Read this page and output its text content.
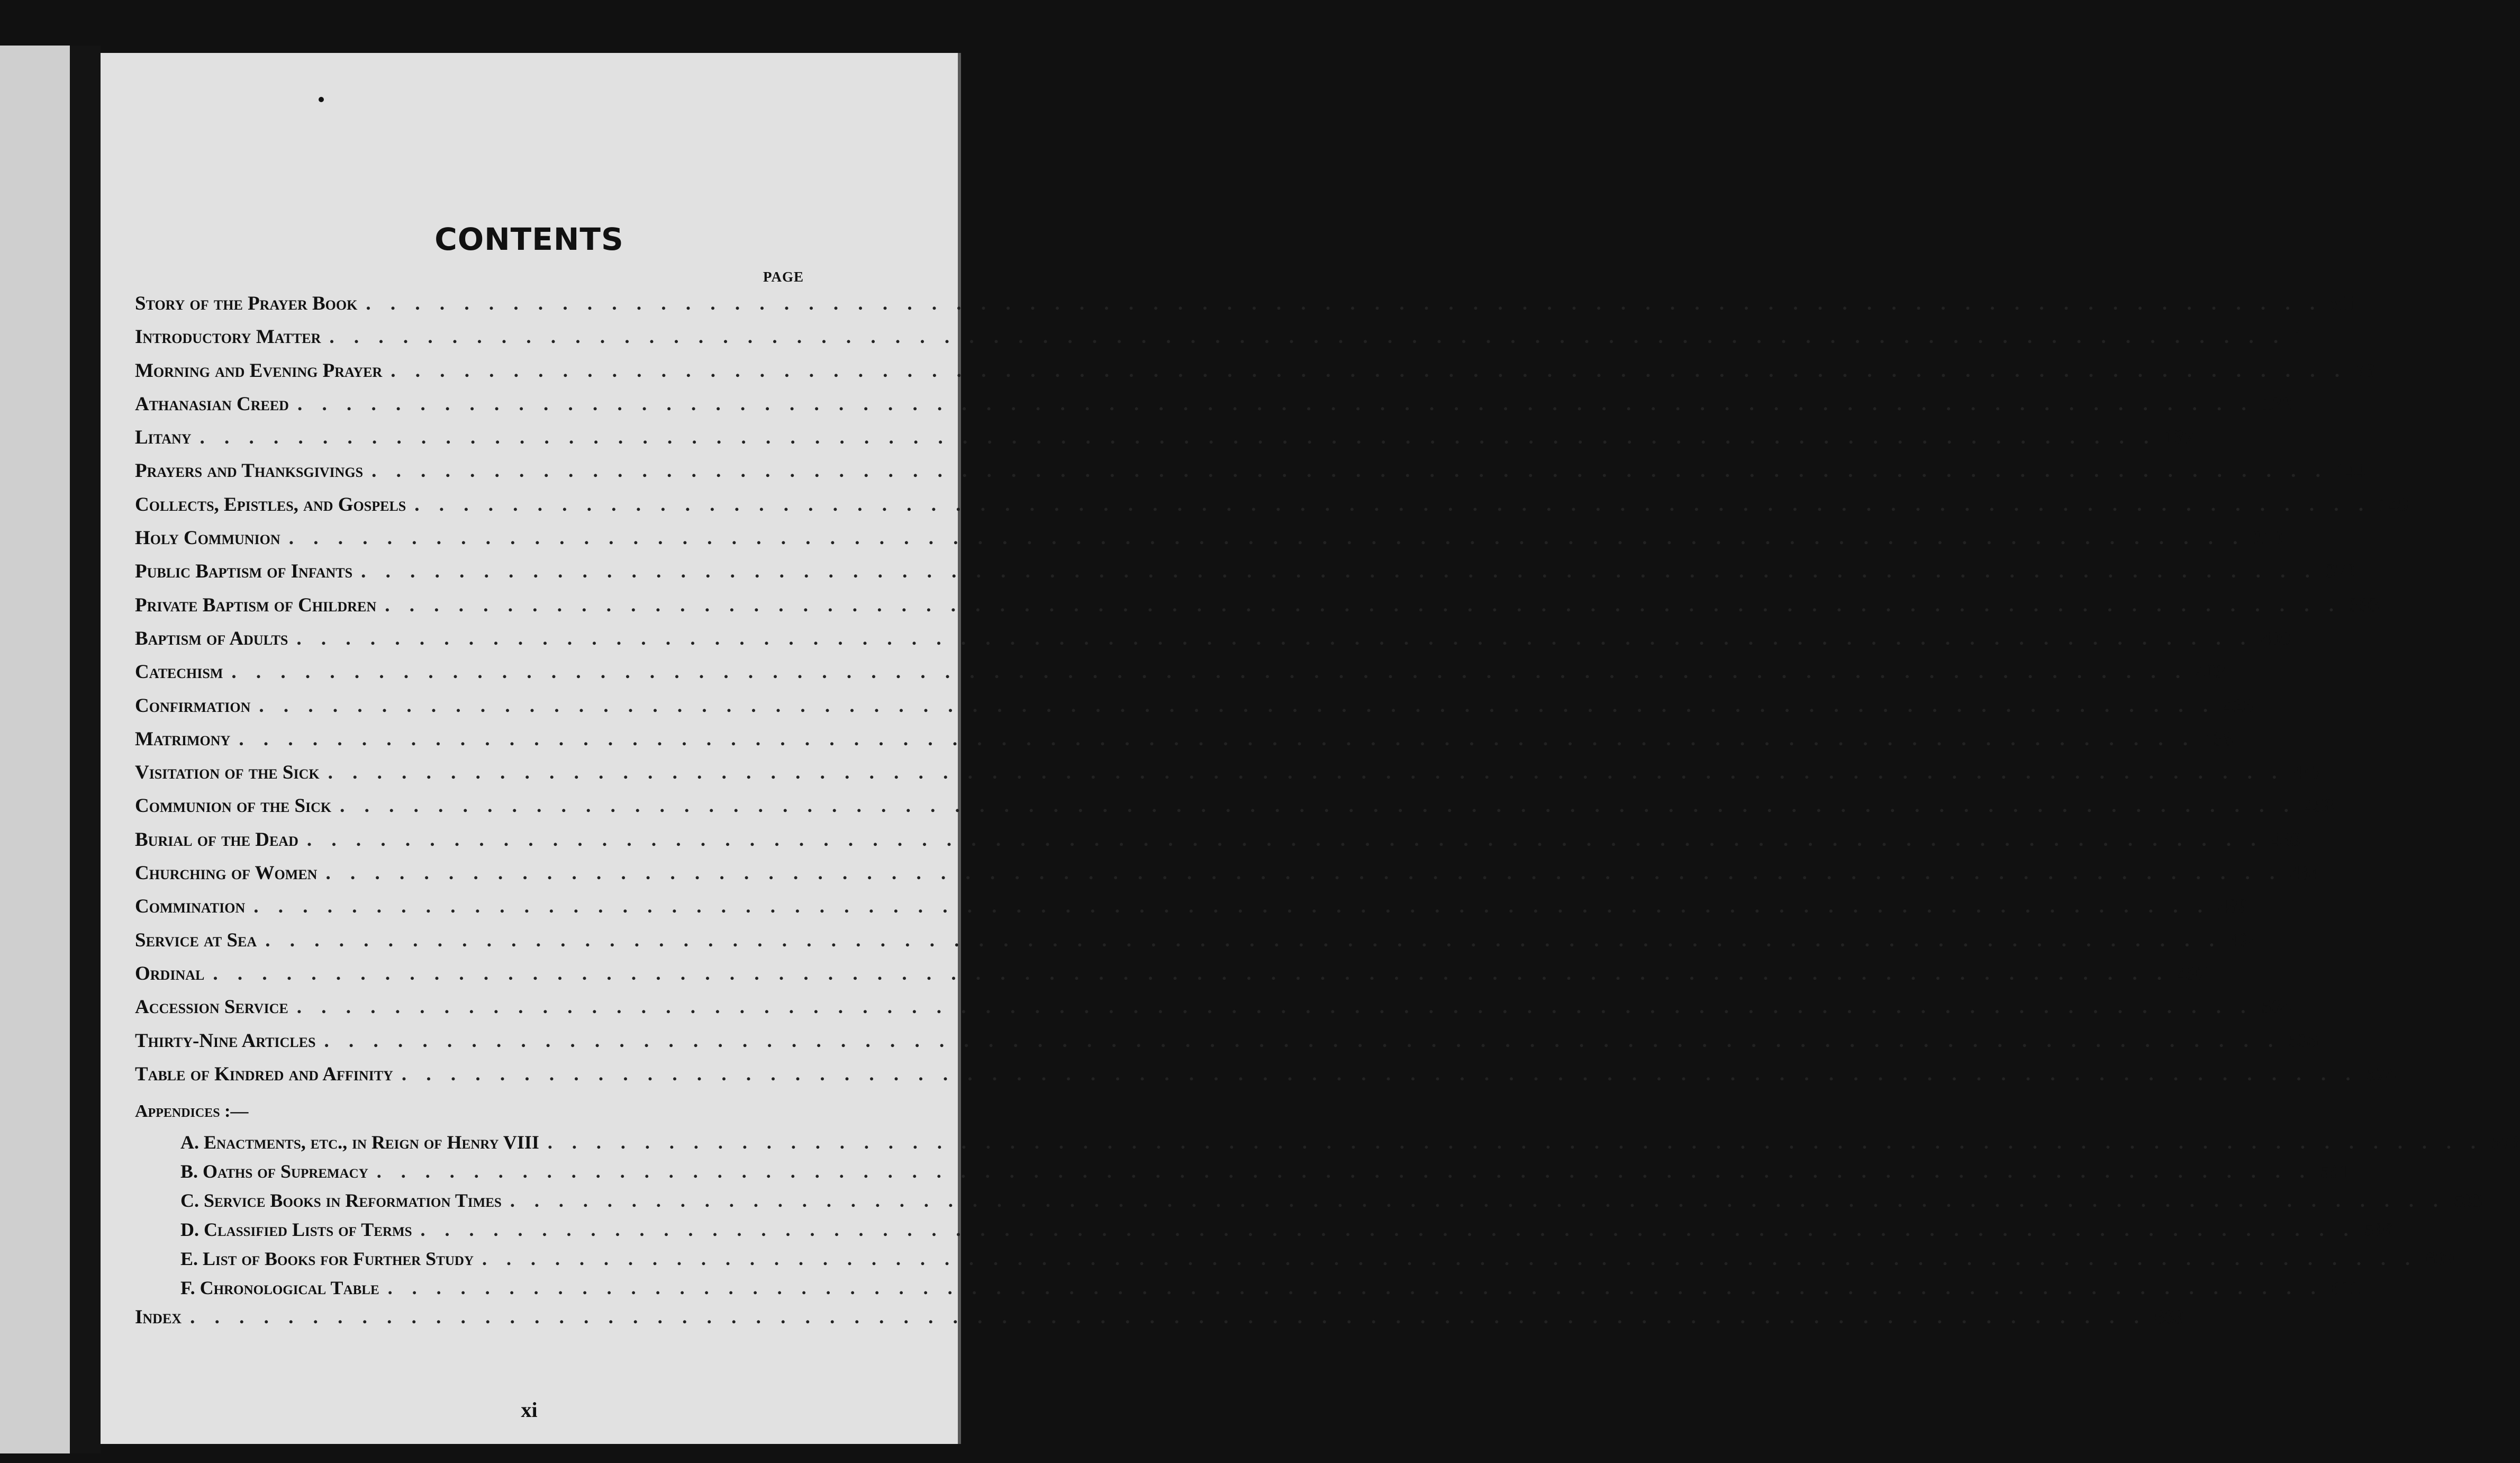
CONTENTS
PAGE
Story of the Prayer Book . . . . . . . . . . . . . . . . . . . . . . . . . . . . . . . . . . . . . . . . . . . . . . . . . . . . . . . . . . . . . . . . . . . . . . . . . . . . . . . . xiii
Introductory Matter . . . . . . . . . . . . . . . . . . . . . . . . . . . . . . . . . . . . . . . . . . . . . . . . . . . . . . . . . . . . . . . . . . . . . . . . . . . . . . . . 1
Morning and Evening Prayer . . . . . . . . . . . . . . . . . . . . . . . . . . . . . . . . . . . . . . . . . . . . . . . . . . . . . . . . . . . . . . . . . . . . . . . . . . . . . . . . 76
Athanasian Creed . . . . . . . . . . . . . . . . . . . . . . . . . . . . . . . . . . . . . . . . . . . . . . . . . . . . . . . . . . . . . . . . . . . . . . . . . . . . . . . . 122
Litany . . . . . . . . . . . . . . . . . . . . . . . . . . . . . . . . . . . . . . . . . . . . . . . . . . . . . . . . . . . . . . . . . . . . . . . . . . . . . . . . 137
Prayers and Thanksgivings . . . . . . . . . . . . . . . . . . . . . . . . . . . . . . . . . . . . . . . . . . . . . . . . . . . . . . . . . . . . . . . . . . . . . . . . . . . . . . . . 144
Collects, Epistles, and Gospels . . . . . . . . . . . . . . . . . . . . . . . . . . . . . . . . . . . . . . . . . . . . . . . . . . . . . . . . . . . . . . . . . . . . . . . . . . . . . . . . 149
Holy Communion . . . . . . . . . . . . . . . . . . . . . . . . . . . . . . . . . . . . . . . . . . . . . . . . . . . . . . . . . . . . . . . . . . . . . . . . . . . . . . . . 210
Public Baptism of Infants . . . . . . . . . . . . . . . . . . . . . . . . . . . . . . . . . . . . . . . . . . . . . . . . . . . . . . . . . . . . . . . . . . . . . . . . . . . . . . . . 370
Private Baptism of Children . . . . . . . . . . . . . . . . . . . . . . . . . . . . . . . . . . . . . . . . . . . . . . . . . . . . . . . . . . . . . . . . . . . . . . . . . . . . . . . . 393
Baptism of Adults . . . . . . . . . . . . . . . . . . . . . . . . . . . . . . . . . . . . . . . . . . . . . . . . . . . . . . . . . . . . . . . . . . . . . . . . . . . . . . . . 400
Catechism . . . . . . . . . . . . . . . . . . . . . . . . . . . . . . . . . . . . . . . . . . . . . . . . . . . . . . . . . . . . . . . . . . . . . . . . . . . . . . . . 403
Confirmation . . . . . . . . . . . . . . . . . . . . . . . . . . . . . . . . . . . . . . . . . . . . . . . . . . . . . . . . . . . . . . . . . . . . . . . . . . . . . . . . 426
Matrimony . . . . . . . . . . . . . . . . . . . . . . . . . . . . . . . . . . . . . . . . . . . . . . . . . . . . . . . . . . . . . . . . . . . . . . . . . . . . . . . . 438
Visitation of the Sick . . . . . . . . . . . . . . . . . . . . . . . . . . . . . . . . . . . . . . . . . . . . . . . . . . . . . . . . . . . . . . . . . . . . . . . . . . . . . . . . 447
Communion of the Sick . . . . . . . . . . . . . . . . . . . . . . . . . . . . . . . . . . . . . . . . . . . . . . . . . . . . . . . . . . . . . . . . . . . . . . . . . . . . . . . . 458
Burial of the Dead . . . . . . . . . . . . . . . . . . . . . . . . . . . . . . . . . . . . . . . . . . . . . . . . . . . . . . . . . . . . . . . . . . . . . . . . . . . . . . . . 469
Churching of Women . . . . . . . . . . . . . . . . . . . . . . . . . . . . . . . . . . . . . . . . . . . . . . . . . . . . . . . . . . . . . . . . . . . . . . . . . . . . . . . . 484
Commination . . . . . . . . . . . . . . . . . . . . . . . . . . . . . . . . . . . . . . . . . . . . . . . . . . . . . . . . . . . . . . . . . . . . . . . . . . . . . . . . 489
Service at Sea . . . . . . . . . . . . . . . . . . . . . . . . . . . . . . . . . . . . . . . . . . . . . . . . . . . . . . . . . . . . . . . . . . . . . . . . . . . . . . . . 494
Ordinal . . . . . . . . . . . . . . . . . . . . . . . . . . . . . . . . . . . . . . . . . . . . . . . . . . . . . . . . . . . . . . . . . . . . . . . . . . . . . . . . 497
Accession Service . . . . . . . . . . . . . . . . . . . . . . . . . . . . . . . . . . . . . . . . . . . . . . . . . . . . . . . . . . . . . . . . . . . . . . . . . . . . . . . . 534
Thirty-Nine Articles . . . . . . . . . . . . . . . . . . . . . . . . . . . . . . . . . . . . . . . . . . . . . . . . . . . . . . . . . . . . . . . . . . . . . . . . . . . . . . . . 536
Table of Kindred and Affinity . . . . . . . . . . . . . . . . . . . . . . . . . . . . . . . . . . . . . . . . . . . . . . . . . . . . . . . . . . . . . . . . . . . . . . . . . . . . . . . . 574
Appendices :—
A. Enactments, etc., in Reign of Henry VIII . . . . . . . . . . . . . . . . . . . . . . . . . . . . . . . . . . . . . . . . . . . . . . . . . . . . . . . . . . . . . . . . . . . . . . . . . . . . . . . . 576
B. Oaths of Supremacy . . . . . . . . . . . . . . . . . . . . . . . . . . . . . . . . . . . . . . . . . . . . . . . . . . . . . . . . . . . . . . . . . . . . . . . . . . . . . . . . 591
C. Service Books in Reformation Times . . . . . . . . . . . . . . . . . . . . . . . . . . . . . . . . . . . . . . . . . . . . . . . . . . . . . . . . . . . . . . . . . . . . . . . . . . . . . . . . 593
D. Classified Lists of Terms . . . . . . . . . . . . . . . . . . . . . . . . . . . . . . . . . . . . . . . . . . . . . . . . . . . . . . . . . . . . . . . . . . . . . . . . . . . . . . . . 596
E. List of Books for Further Study . . . . . . . . . . . . . . . . . . . . . . . . . . . . . . . . . . . . . . . . . . . . . . . . . . . . . . . . . . . . . . . . . . . . . . . . . . . . . . . . 609
F. Chronological Table . . . . . . . . . . . . . . . . . . . . . . . . . . . . . . . . . . . . . . . . . . . . . . . . . . . . . . . . . . . . . . . . . . . . . . . . . . . . . . . . 622
Index . . . . . . . . . . . . . . . . . . . . . . . . . . . . . . . . . . . . . . . . . . . . . . . . . . . . . . . . . . . . . . . . . . . . . . . . . . . . . . . . 639
xi
